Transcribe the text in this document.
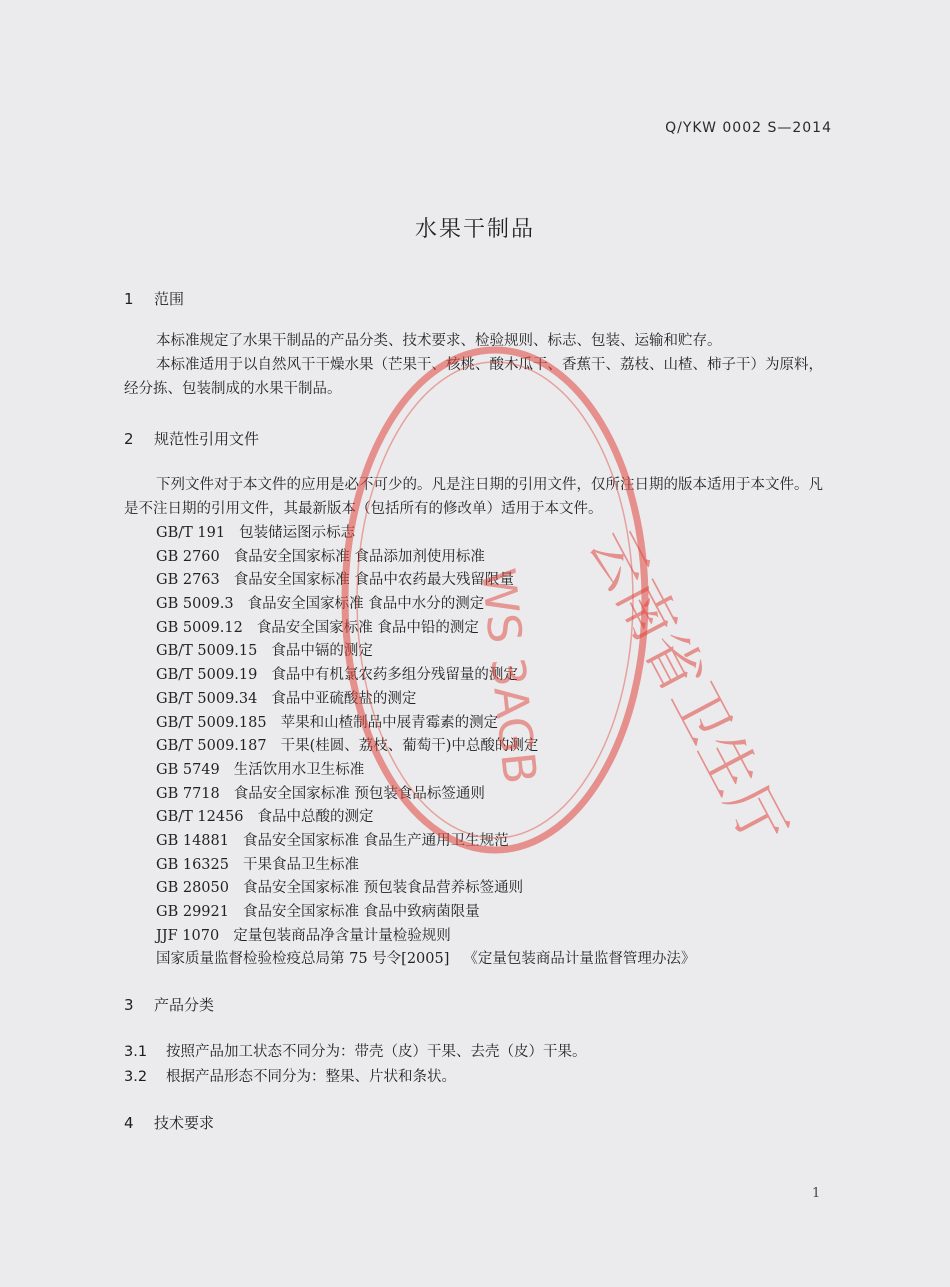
Q/YKW 0002 S—2014
水果干制品
1 范围

本标准规定了水果干制品的产品分类、技术要求、检验规则、标志、包装、运输和贮存。

本标准适用于以自然风干干燥水果（芒果干、核桃、酸木瓜干、香蕉干、荔枝、山楂、柿子干）为原料，经分拣、包装制成的水果干制品。

2 规范性引用文件

下列文件对于本文件的应用是必不可少的。凡是注日期的引用文件，仅所注日期的版本适用于本文件。凡是不注日期的引用文件，其最新版本（包括所有的修改单）适用于本文件。

GB/T 191 包装储运图示标志
GB 2760 食品安全国家标准 食品添加剂使用标准
GB 2763 食品安全国家标准 食品中农药最大残留限量
GB 5009.3 食品安全国家标准 食品中水分的测定
GB 5009.12 食品安全国家标准 食品中铅的测定
GB/T 5009.15 食品中镉的测定
GB/T 5009.19 食品中有机氯农药多组分残留量的测定
GB/T 5009.34 食品中亚硫酸盐的测定
GB/T 5009.185 苹果和山楂制品中展青霉素的测定
GB/T 5009.187 干果(桂圆、荔枝、葡萄干)中总酸的测定
GB 5749 生活饮用水卫生标准
GB 7718 食品安全国家标准 预包装食品标签通则
GB/T 12456 食品中总酸的测定
GB 14881 食品安全国家标准 食品生产通用卫生规范
GB 16325 干果食品卫生标准
GB 28050 食品安全国家标准 预包装食品营养标签通则
GB 29921 食品安全国家标准 食品中致病菌限量
JJF 1070 定量包装商品净含量计量检验规则
国家质量监督检验检疫总局第 75 号令[2005] 《定量包装商品计量监督管理办法》
3 产品分类
3.1 按照产品加工状态不同分为：带壳（皮）干果、去壳（皮）干果。
3.2 根据产品形态不同分为：整果、片状和条状。
4 技术要求
1
云南省卫生厅
WS 3AGB
